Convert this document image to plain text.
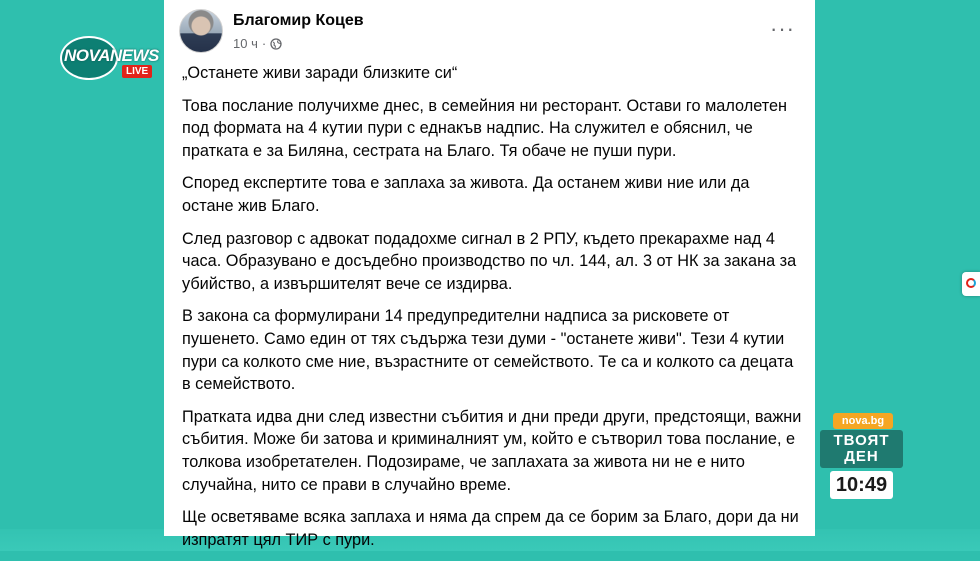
NOVANEWS
LIVE
Благомир Коцев
10 ч ·
···

„Останете живи заради близките си“

Това послание получихме днес, в семейния ни ресторант. Остави го малолетен под формата на 4 кутии пури с еднакъв надпис. На служител е обяснил, че пратката е за Биляна, сестрата на Благо. Тя обаче не пуши пури.

Според експертите това е заплаха за живота. Да останем живи ние или да остане жив Благо.

След разговор с адвокат подадохме сигнал в 2 РПУ, където прекарахме над 4 часа. Образувано е досъдебно производство по чл. 144, ал. 3 от НК за закана за убийство, а извършителят вече се издирва.

В закона са формулирани 14 предупредителни надписа за рисковете от пушенето. Само един от тях съдържа тези думи - "останете живи". Тези 4 кутии пури са колкото сме ние, възрастните от семейството. Те са и колкото са децата в семейството.

Пратката идва дни след известни събития и дни преди други, предстоящи, важни събития. Може би затова и криминалният ум, който е сътворил това послание, е толкова изобретателен. Подозираме, че заплахата за живота ни не е нито случайна, нито се прави в случайно време.

Ще осветяваме всяка заплаха и няма да спрем да се борим за Благо, дори да ни изпратят цял ТИР с пури.

nova.bg
ТВОЯТ
ДЕН
10:49
